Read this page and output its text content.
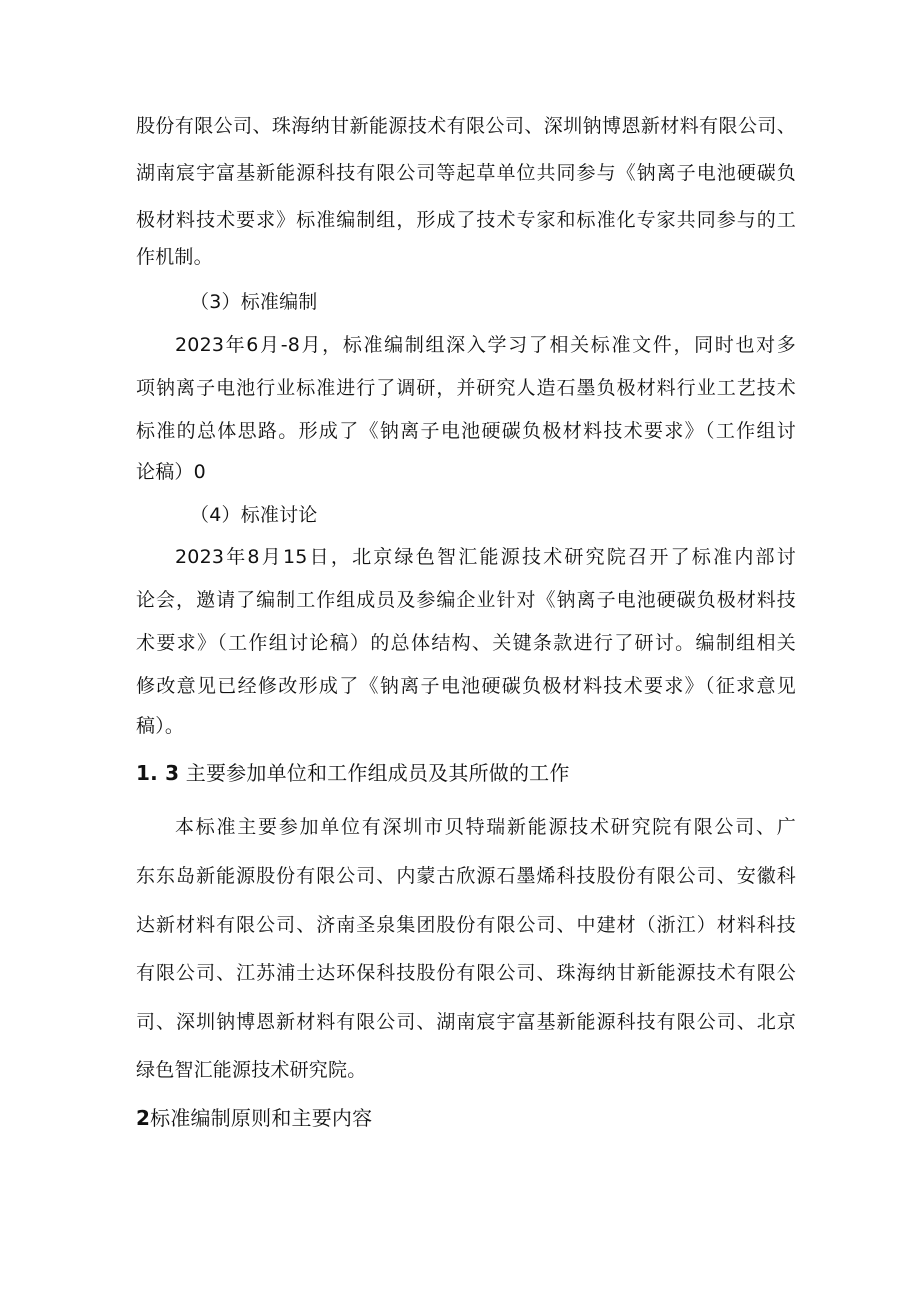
股份有限公司、珠海纳甘新能源技术有限公司、深圳钠博恩新材料有限公司、
湖南宸宇富基新能源科技有限公司等起草单位共同参与《钠离子电池硬碳负
极材料技术要求》标准编制组，形成了技术专家和标准化专家共同参与的工
作机制。
（3）标准编制
2023年6月-8月，标准编制组深入学习了相关标准文件，同时也对多
项钠离子电池行业标准进行了调研，并研究人造石墨负极材料行业工艺技术
标准的总体思路。形成了《钠离子电池硬碳负极材料技术要求》（工作组讨
论稿）0
（4）标准讨论
2023年8月15日，北京绿色智汇能源技术研究院召开了标准内部讨
论会，邀请了编制工作组成员及参编企业针对《钠离子电池硬碳负极材料技
术要求》（工作组讨论稿）的总体结构、关键条款进行了研讨。编制组相关
修改意见已经修改形成了《钠离子电池硬碳负极材料技术要求》（征求意见
稿）。
1. 3 主要参加单位和工作组成员及其所做的工作
本标准主要参加单位有深圳市贝特瑞新能源技术研究院有限公司、广
东东岛新能源股份有限公司、内蒙古欣源石墨烯科技股份有限公司、安徽科
达新材料有限公司、济南圣泉集团股份有限公司、中建材（浙江）材料科技
有限公司、江苏浦士达环保科技股份有限公司、珠海纳甘新能源技术有限公
司、深圳钠博恩新材料有限公司、湖南宸宇富基新能源科技有限公司、北京
绿色智汇能源技术研究院。
2标准编制原则和主要内容
